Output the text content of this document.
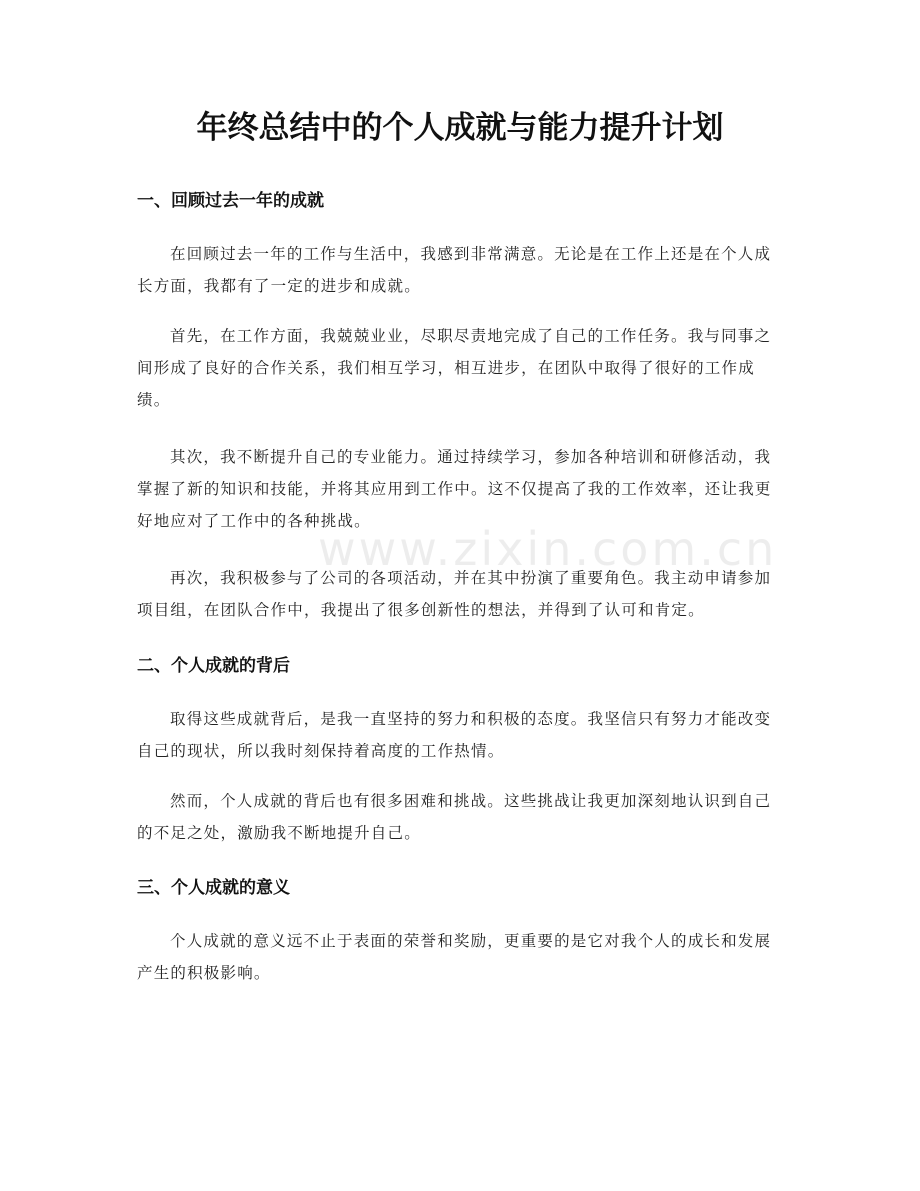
年终总结中的个人成就与能力提升计划
一、回顾过去一年的成就

在回顾过去一年的工作与生活中，我感到非常满意。无论是在工作上还是在个人成长方面，我都有了一定的进步和成就。

首先，在工作方面，我兢兢业业，尽职尽责地完成了自己的工作任务。我与同事之间形成了良好的合作关系，我们相互学习，相互进步，在团队中取得了很好的工作成绩。

其次，我不断提升自己的专业能力。通过持续学习，参加各种培训和研修活动，我掌握了新的知识和技能，并将其应用到工作中。这不仅提高了我的工作效率，还让我更好地应对了工作中的各种挑战。

再次，我积极参与了公司的各项活动，并在其中扮演了重要角色。我主动申请参加项目组，在团队合作中，我提出了很多创新性的想法，并得到了认可和肯定。

二、个人成就的背后

取得这些成就背后，是我一直坚持的努力和积极的态度。我坚信只有努力才能改变自己的现状，所以我时刻保持着高度的工作热情。

然而，个人成就的背后也有很多困难和挑战。这些挑战让我更加深刻地认识到自己的不足之处，激励我不断地提升自己。

三、个人成就的意义

个人成就的意义远不止于表面的荣誉和奖励，更重要的是它对我个人的成长和发展产生的积极影响。

www.zixin.com.cn
